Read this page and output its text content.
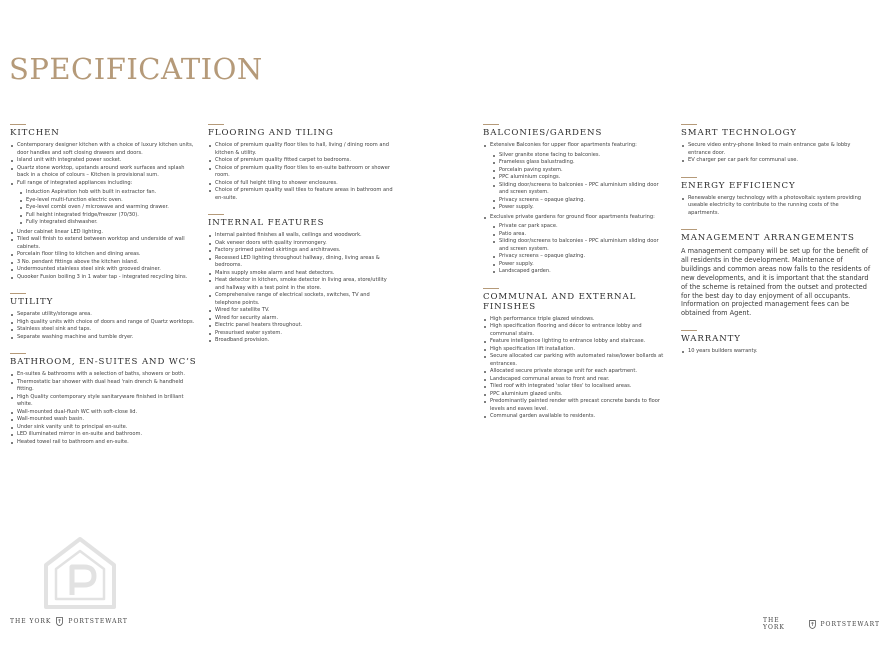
SPECIFICATION
KITCHEN
Contemporary designer kitchen with a choice of luxury kitchen units, door handles and soft closing drawers and doors.
Island unit with integrated power socket.
Quartz stone worktop, upstands around work surfaces and splash back in a choice of colours – Kitchen is provisional sum.
Full range of integrated appliances including:
Induction Aspiration hob with built in extractor fan.
Eye-level multi-function electric oven.
Eye-level combi oven / microwave and warming drawer.
Full height integrated fridge/freezer (70/30).
Fully integrated dishwasher.
Under cabinet linear LED lighting.
Tiled wall finish to extend between worktop and underside of wall cabinets.
Porcelain floor tiling to kitchen and dining areas.
3 No. pendant fittings above the kitchen island.
Undermounted stainless steel sink with grooved drainer.
Quooker Fusion boiling 3 in 1 water tap - integrated recycling bins.
UTILITY
Separate utility/storage area.
High quality units with choice of doors and range of Quartz worktops.
Stainless steel sink and taps.
Separate washing machine and tumble dryer.
BATHROOM, EN-SUITES AND WC’S
En-suites & bathrooms with a selection of baths, showers or both.
Thermostatic bar shower with dual head 'rain drench & handheld fitting.
High Quality contemporary style sanitaryware finished in brilliant white.
Wall-mounted dual-flush WC with soft-close lid.
Wall-mounted wash basin.
Under sink vanity unit to principal en-suite.
LED illuminated mirror in en-suite and bathroom.
Heated towel rail to bathroom and en-suite.
FLOORING AND TILING
Choice of premium quality floor tiles to hall, living / dining room and kitchen & utility.
Choice of premium quality fitted carpet to bedrooms.
Choice of premium quality floor tiles to en-suite bathroom or shower room.
Choice of full height tiling to shower enclosures.
Choice of premium quality wall tiles to feature areas in bathroom and en-suite.
INTERNAL FEATURES
Internal painted finishes all walls, ceilings and woodwork.
Oak veneer doors with quality ironmongery.
Factory primed painted skirtings and architraves.
Recessed LED lighting throughout hallway, dining, living areas & bedrooms.
Mains supply smoke alarm and heat detectors.
Heat detector in kitchen, smoke detector in living area, store/utility and hallway with a test point in the store.
Comprehensive range of electrical sockets, switches, TV and telephone points.
Wired for satellite TV.
Wired for security alarm.
Electric panel heaters throughout.
Pressurised water system.
Broadband provision.
BALCONIES/GARDENS
Extensive Balconies for upper floor apartments featuring:
Silver granite stone facing to balconies.
Frameless glass balustrading.
Porcelain paving system.
PPC aluminium copings.
Sliding door/screens to balconies – PPC aluminium sliding door and screen system.
Privacy screens – opaque glazing.
Power supply.
Exclusive private gardens for ground floor apartments featuring:
Private car park space.
Patio area.
Sliding door/screens to balconies – PPC aluminium sliding door and screen system.
Privacy screens – opaque glazing.
Power supply.
Landscaped garden.
COMMUNAL AND EXTERNAL FINISHES
High performance triple glazed windows.
High specification flooring and décor to entrance lobby and communal stairs.
Feature intelligence lighting to entrance lobby and staircase.
High specification lift installation.
Secure allocated car parking with automated raise/lower bollards at entrances.
Allocated secure private storage unit for each apartment.
Landscaped communal areas to front and rear.
Tiled roof with integrated 'solar tiles' to localised areas.
PPC aluminium glazed units.
Predominantly painted render with precast concrete bands to floor levels and eaves level.
Communal garden available to residents.
SMART TECHNOLOGY
Secure video entry-phone linked to main entrance gate & lobby entrance door.
EV charger per car park for communal use.
ENERGY EFFICIENCY
Renewable energy technology with a photovoltaic system providing useable electricity to contribute to the running costs of the apartments.
MANAGEMENT ARRANGEMENTS

A management company will be set up for the benefit of all residents in the development. Maintenance of buildings and common areas now falls to the residents of new developments, and it is important that the standard of the scheme is retained from the outset and protected for the best day to day enjoyment of all occupants. Information on projected management fees can be obtained from Agent.

WARRANTY
10 years builders warranty.
THE YORK	PORTSTEWART	THE YORK	PORTSTEWART
